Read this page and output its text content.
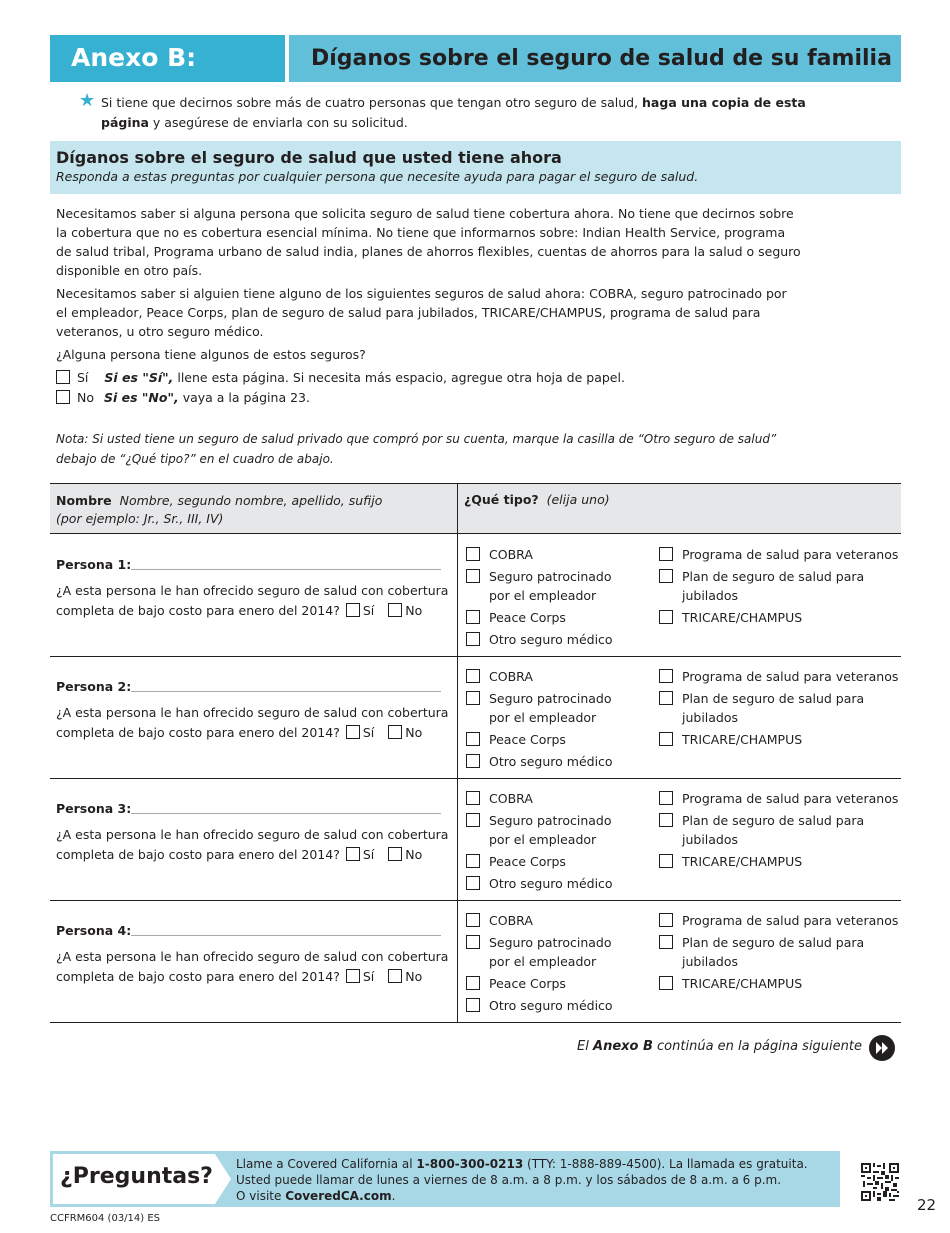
Anexo B:	Díganos sobre el seguro de salud de su familia
★ Si tiene que decirnos sobre más de cuatro personas que tengan otro seguro de salud, haga una copia de esta página y asegúrese de enviarla con su solicitud.
Díganos sobre el seguro de salud que usted tiene ahora
Responda a estas preguntas por cualquier persona que necesite ayuda para pagar el seguro de salud.
Necesitamos saber si alguna persona que solicita seguro de salud tiene cobertura ahora. No tiene que decirnos sobre la cobertura que no es cobertura esencial mínima. No tiene que informarnos sobre: Indian Health Service, programa de salud tribal, Programa urbano de salud india, planes de ahorros flexibles, cuentas de ahorros para la salud o seguro disponible en otro país.
Necesitamos saber si alguien tiene alguno de los siguientes seguros de salud ahora: COBRA, seguro patrocinado por el empleador, Peace Corps, plan de seguro de salud para jubilados, TRICARE/CHAMPUS, programa de salud para veteranos, u otro seguro médico.
¿Alguna persona tiene algunos de estos seguros?
Sí Si es "Sí", llene esta página. Si necesita más espacio, agregue otra hoja de papel.
No Si es "No", vaya a la página 23.
Nota: Si usted tiene un seguro de salud privado que compró por su cuenta, marque la casilla de “Otro seguro de salud” debajo de “¿Qué tipo?” en el cuadro de abajo.
Nombre Nombre, segundo nombre, apellido, sufijo (por ejemplo: Jr., Sr., III, IV)
¿Qué tipo? (elija uno)
Persona 1:
¿A esta persona le han ofrecido seguro de salud con cobertura
completa de bajo costo para enero del 2014? Sí No
COBRA
Seguro patrocinado
por el empleador
Peace Corps
Otro seguro médico
Programa de salud para veteranos
Plan de seguro de salud para
jubilados
TRICARE/CHAMPUS
Persona 2:
¿A esta persona le han ofrecido seguro de salud con cobertura
completa de bajo costo para enero del 2014? Sí No
COBRA
Seguro patrocinado
por el empleador
Peace Corps
Otro seguro médico
Programa de salud para veteranos
Plan de seguro de salud para
jubilados
TRICARE/CHAMPUS
Persona 3:
¿A esta persona le han ofrecido seguro de salud con cobertura
completa de bajo costo para enero del 2014? Sí No
COBRA
Seguro patrocinado
por el empleador
Peace Corps
Otro seguro médico
Programa de salud para veteranos
Plan de seguro de salud para
jubilados
TRICARE/CHAMPUS
Persona 4:
¿A esta persona le han ofrecido seguro de salud con cobertura
completa de bajo costo para enero del 2014? Sí No
COBRA
Seguro patrocinado
por el empleador
Peace Corps
Otro seguro médico
Programa de salud para veteranos
Plan de seguro de salud para
jubilados
TRICARE/CHAMPUS
El Anexo B continúa en la página siguiente
¿Preguntas? Llame a Covered California al 1-800-300-0213 (TTY: 1-888-889-4500). La llamada es gratuita.
Usted puede llamar de lunes a viernes de 8 a.m. a 8 p.m. y los sábados de 8 a.m. a 6 p.m.
O visite CoveredCA.com.	22
CCFRM604 (03/14) ES
